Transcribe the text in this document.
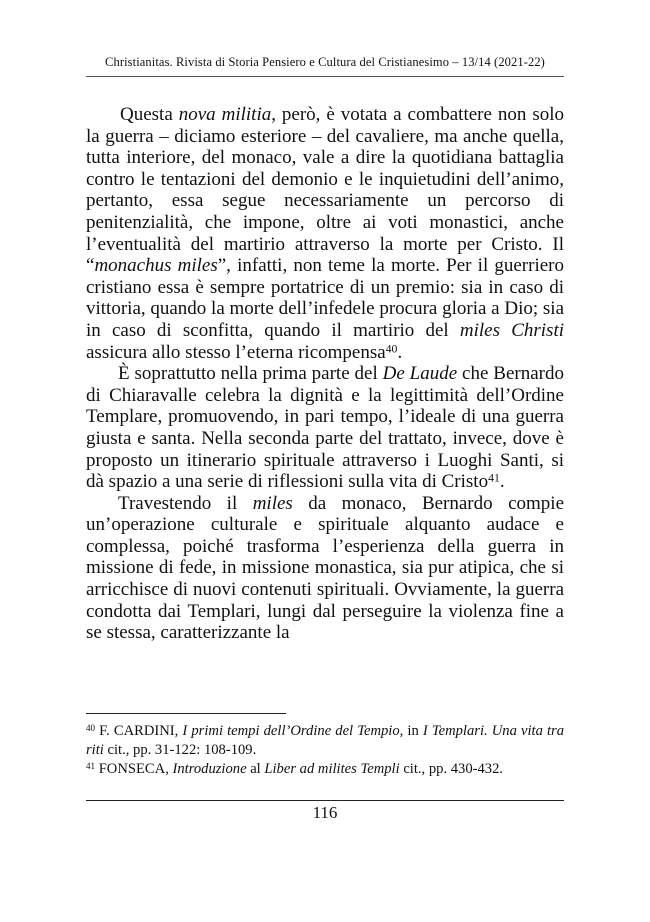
Christianitas. Rivista di Storia Pensiero e Cultura del Cristianesimo – 13/14 (2021-22)

Questa nova militia, però, è votata a combattere non solo la guerra – diciamo esteriore – del cavaliere, ma anche quella, tutta interiore, del monaco, vale a dire la quotidiana battaglia contro le tentazioni del demonio e le inquietudini dell’animo, pertanto, essa segue necessariamente un percorso di penitenzialità, che impone, oltre ai voti monastici, anche l’eventualità del martirio attraverso la morte per Cristo. Il “monachus miles”, infatti, non teme la morte. Per il guerriero cristiano essa è sempre portatrice di un premio: sia in caso di vittoria, quando la morte dell’infedele procura gloria a Dio; sia in caso di sconfitta, quando il martirio del miles Christi assicura allo stesso l’eterna ricompensa$^{40}$.

È soprattutto nella prima parte del De Laude che Bernardo di Chiaravalle celebra la dignità e la legittimità dell’Ordine Templare, promuovendo, in pari tempo, l’ideale di una guerra giusta e santa. Nella seconda parte del trattato, invece, dove è proposto un itinerario spirituale attraverso i Luoghi Santi, si dà spazio a una serie di riflessioni sulla vita di Cristo$^{41}$.

Travestendo il miles da monaco, Bernardo compie un’operazione culturale e spirituale alquanto audace e complessa, poiché trasforma l’esperienza della guerra in missione di fede, in missione monastica, sia pur atipica, che si arricchisce di nuovi contenuti spirituali. Ovviamente, la guerra condotta dai Templari, lungi dal perseguire la violenza fine a se stessa, caratterizzante la

$^{40}$ F. CARDINI, I primi tempi dell’Ordine del Tempio, in I Templari. Una vita tra riti cit., pp. 31-122: 108-109.

$^{41}$ FONSECA, Introduzione al Liber ad milites Templi cit., pp. 430-432.

116
